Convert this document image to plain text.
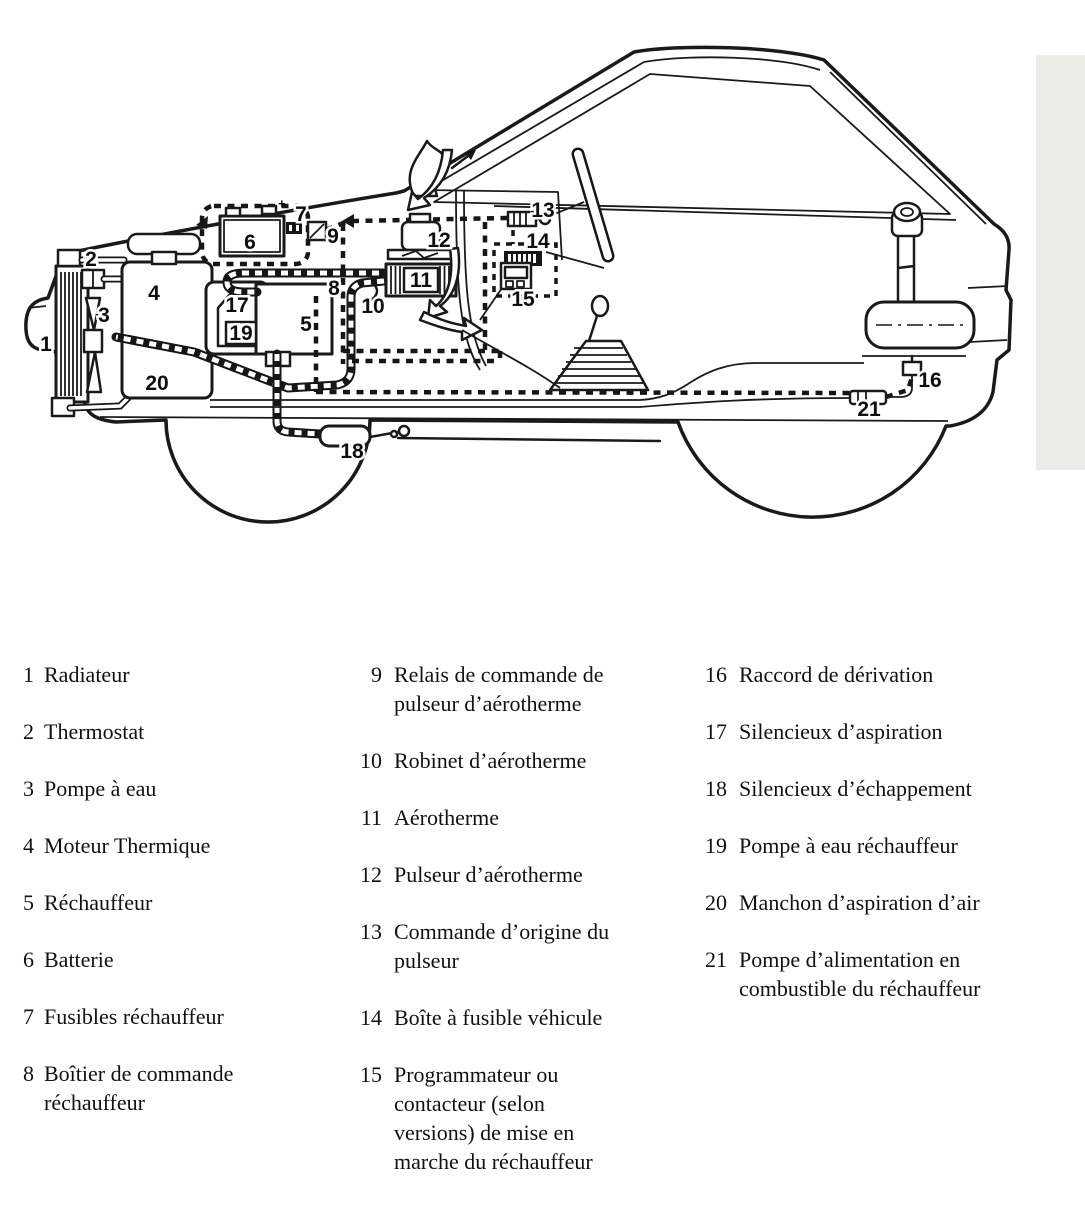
+
1
2
3
4
5
6
7
8
9
10
11
12
13
14
15
16
17
18
19
20
21
1 Radiateur
2 Thermostat
3 Pompe à eau
4 Moteur Thermique
5 Réchauffeur
6 Batterie
7 Fusibles réchauffeur
8 Boîtier de commande
réchauffeur
9 Relais de commande de
pulseur d’aérotherme
10 Robinet d’aérotherme
11 Aérotherme
12 Pulseur d’aérotherme
13 Commande d’origine du
pulseur
14 Boîte à fusible véhicule
15 Programmateur ou
contacteur (selon
versions) de mise en
marche du réchauffeur
16 Raccord de dérivation
17 Silencieux d’aspiration
18 Silencieux d’échappement
19 Pompe à eau réchauffeur
20 Manchon d’aspiration d’air
21 Pompe d’alimentation en
combustible du réchauffeur
